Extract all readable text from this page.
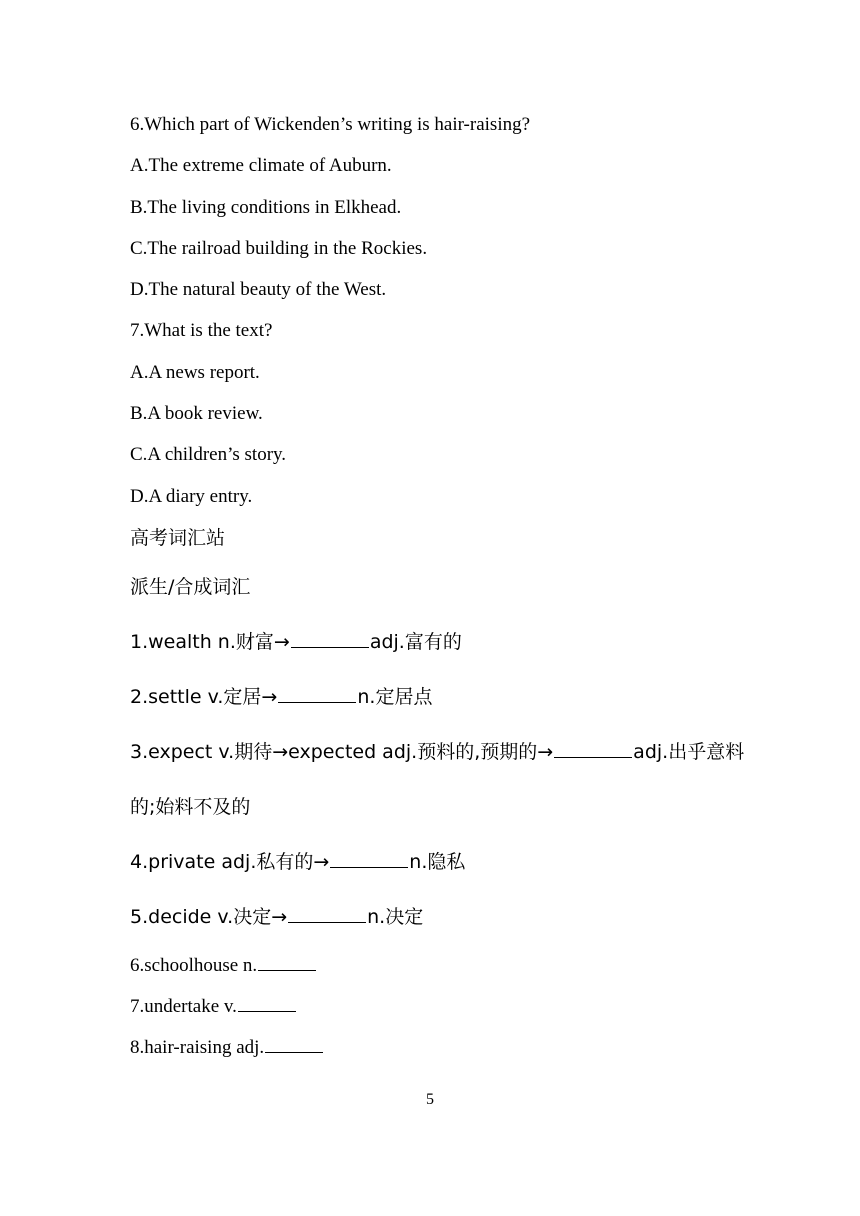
6.Which part of Wickenden’s writing is hair-raising?
A.The extreme climate of Auburn.
B.The living conditions in Elkhead.
C.The railroad building in the Rockies.
D.The natural beauty of the West.
7.What is the text?
A.A news report.
B.A book review.
C.A children’s story.
D.A diary entry.
高考词汇站
派生/合成词汇
1.wealth n.财富→	adj.富有的
2.settle v.定居→	n.定居点
3.expect v.期待→expected adj.预料的,预期的→	adj.出乎意料
的;始料不及的
4.private adj.私有的→	n.隐私
5.decide v.决定→	n.决定
6.schoolhouse n.
7.undertake v.
8.hair-raising adj.
5
